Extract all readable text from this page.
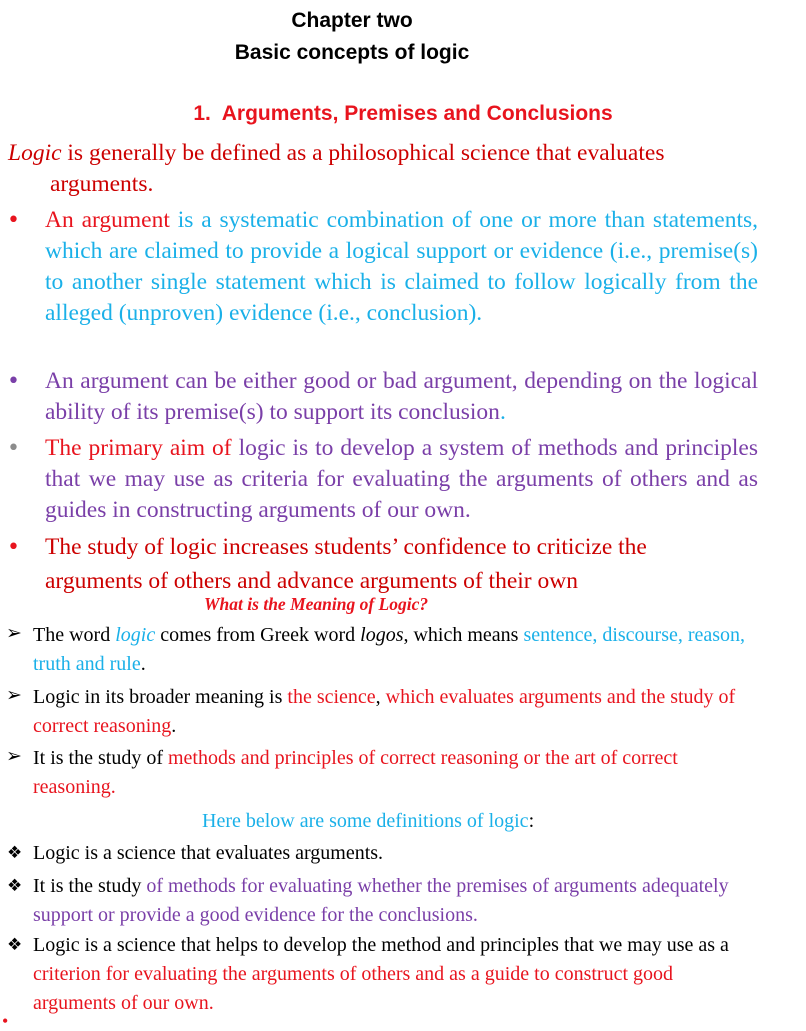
Chapter two
Basic concepts of logic
1. Arguments, Premises and Conclusions
Logic is generally be defined as a philosophical science that evaluates
arguments.
• An argument is a systematic combination of one or more than statements, which are claimed to provide a logical support or evidence (i.e., premise(s) to another single statement which is claimed to follow logically from the alleged (unproven) evidence (i.e., conclusion).
• An argument can be either good or bad argument, depending on the logical ability of its premise(s) to support its conclusion.
• The primary aim of logic is to develop a system of methods and principles that we may use as criteria for evaluating the arguments of others and as guides in constructing arguments of our own.
• The study of logic increases students’ confidence to criticize the
arguments of others and advance arguments of their own
What is the Meaning of Logic?
➢ The word logic comes from Greek word logos, which means sentence, discourse, reason, truth and rule.
➢ Logic in its broader meaning is the science, which evaluates arguments and the study of correct reasoning.
➢ It is the study of methods and principles of correct reasoning or the art of correct reasoning.
Here below are some definitions of logic:
❖ Logic is a science that evaluates arguments.
❖ It is the study of methods for evaluating whether the premises of arguments adequately support or provide a good evidence for the conclusions.
❖ Logic is a science that helps to develop the method and principles that we may use as a criterion for evaluating the arguments of others and as a guide to construct good arguments of our own.
•
